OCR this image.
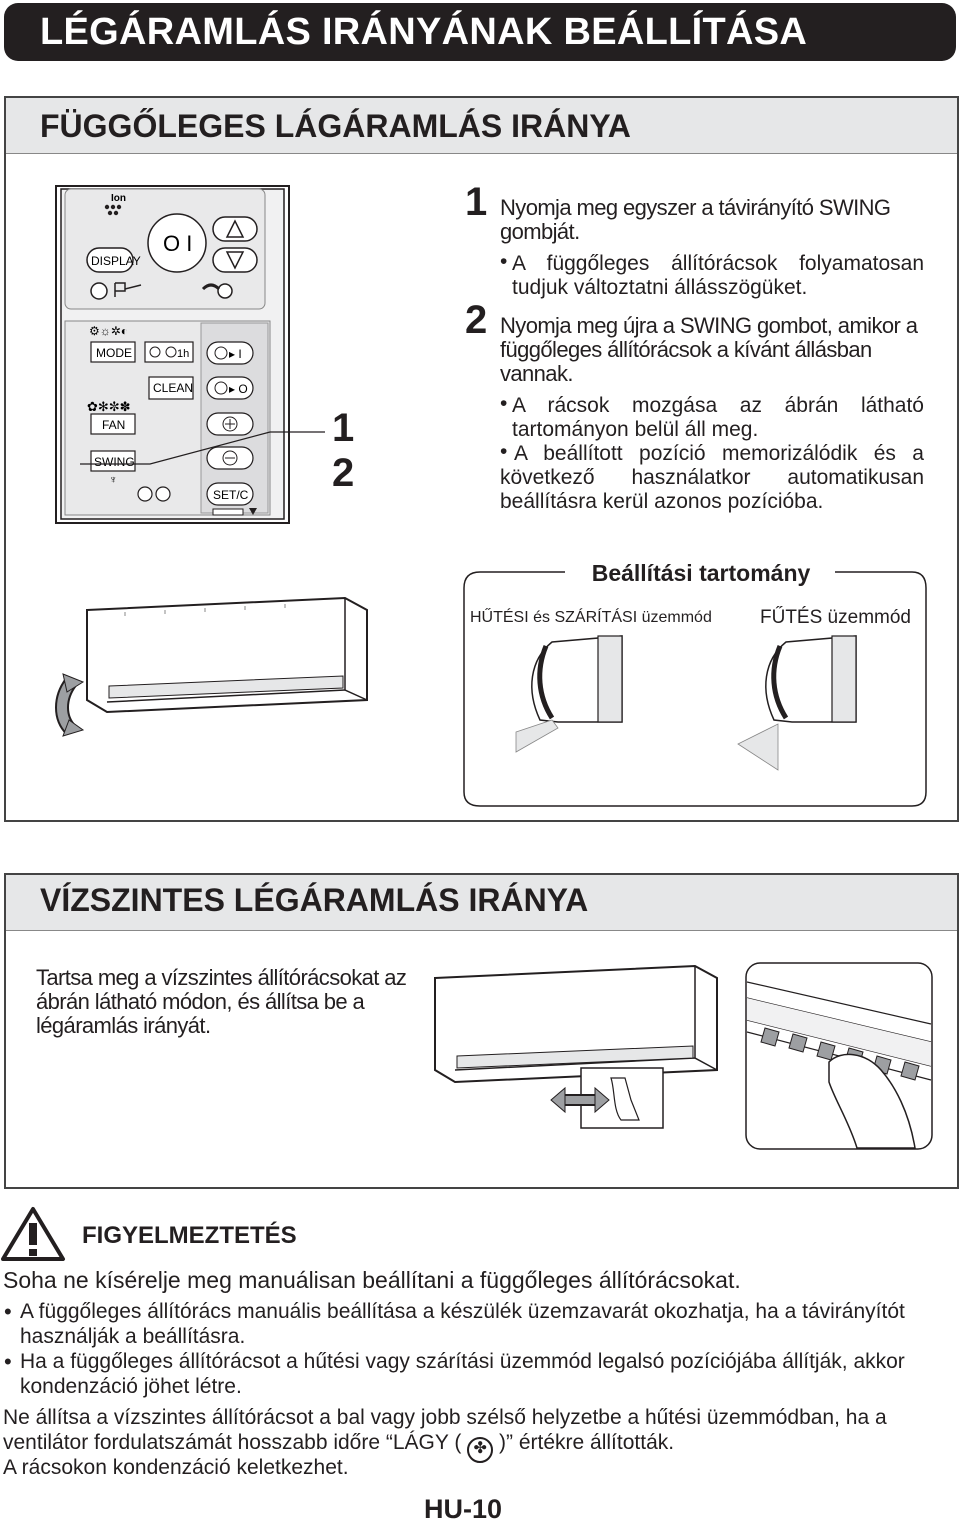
LÉGÁRAMLÁS IRÁNYÁNAK BEÁLLÍTÁSA
FÜGGŐLEGES LÁGÁRAMLÁS IRÁNYA
Ion
DISPLAY
O I
⚙☼✲◐
MODE	1h	▸ I
CLEAN	▸ O
✿✻✼✽
FAN
SWING
♆
SET/C
1
2
1 Nyomja meg egyszer a távirányító SWING gombját.
• A függőleges állítórácsok folyamatosan tudjuk változtatni állásszögüket.
2 Nyomja meg újra a SWING gombot, amikor a függőleges állítórácsok a kívánt állásban vannak.
• A rácsok mozgása az ábrán látható tartományon belül áll meg.
• A beállított pozíció memorizálódik és a következő használatkor automatikusan beállításra kerül azonos pozícióba.
Beállítási tartomány
HŰTÉSI és SZÁRÍTÁSI üzemmód	FŰTÉS üzemmód
VÍZSZINTES LÉGÁRAMLÁS IRÁNYA
Tartsa meg a vízszintes állítórácsokat az ábrán látható módon, és állítsa be a légáramlás irányát.
FIGYELMEZTETÉS
Soha ne kísérelje meg manuálisan beállítani a függőleges állítórácsokat.
• A függőleges állítórács manuális beállítása a készülék üzemzavarát okozhatja, ha a távirányítót használják a beállításra.
• Ha a függőleges állítórácsot a hűtési vagy szárítási üzemmód legalsó pozíciójába állítják, akkor kondenzáció jöhet létre.
Ne állítsa a vízszintes állítórácsot a bal vagy jobb szélső helyzetbe a hűtési üzemmódban, ha a ventilátor fordulatszámát hosszabb időre “LÁGY ( ✤ )” értékre állították.
A rácsokon kondenzáció keletkezhet.
HU-10
